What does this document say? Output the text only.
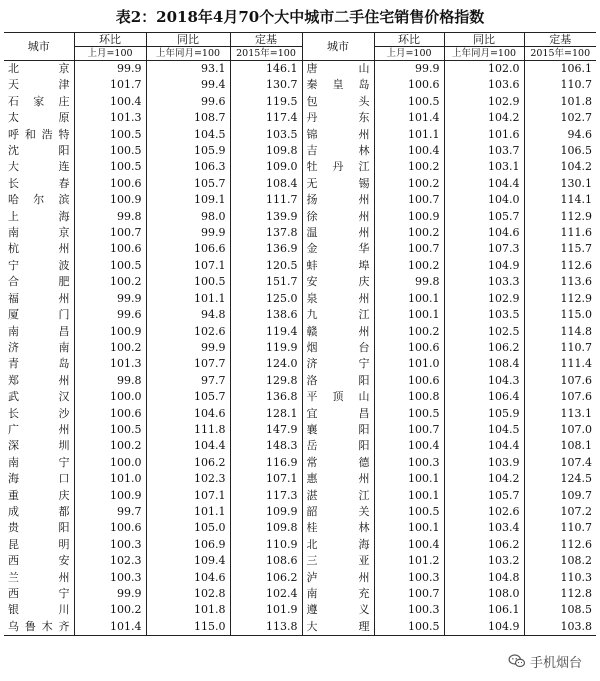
表2：2018年4月70个大中城市二手住宅销售价格指数
城市	环比	同比	定基	城市	环比	同比	定基
	上月=100	上年同月=100	2015年=100		上月=100	上年同月=100	2015年=100
北京	99.9	93.1	146.1	唐山	99.9	102.0	106.1
天津	101.7	99.4	130.7	秦皇岛	100.6	103.6	110.7
石家庄	100.4	99.6	119.5	包头	100.5	102.9	101.8
太原	101.3	108.7	117.4	丹东	101.4	104.2	102.7
呼和浩特	100.5	104.5	103.5	锦州	101.1	101.6	94.6
沈阳	100.5	105.9	109.8	吉林	100.4	103.7	106.5
大连	100.5	106.3	109.0	牡丹江	100.2	103.1	104.2
长春	100.6	105.7	108.4	无锡	100.2	104.4	130.1
哈尔滨	100.9	109.1	111.7	扬州	100.7	104.0	114.1
上海	99.8	98.0	139.9	徐州	100.9	105.7	112.9
南京	100.7	99.9	137.8	温州	100.2	104.6	111.6
杭州	100.6	106.6	136.9	金华	100.7	107.3	115.7
宁波	100.5	107.1	120.5	蚌埠	100.2	104.9	112.6
合肥	100.2	100.5	151.7	安庆	99.8	103.3	113.6
福州	99.9	101.1	125.0	泉州	100.1	102.9	112.9
厦门	99.6	94.8	138.6	九江	100.1	103.5	115.0
南昌	100.9	102.6	119.4	赣州	100.2	102.5	114.8
济南	100.2	99.9	119.9	烟台	100.6	106.2	110.7
青岛	101.3	107.7	124.0	济宁	101.0	108.4	111.4
郑州	99.8	97.7	129.8	洛阳	100.6	104.3	107.6
武汉	100.0	105.7	136.8	平顶山	100.8	106.4	107.6
长沙	100.6	104.6	128.1	宜昌	100.5	105.9	113.1
广州	100.5	111.8	147.9	襄阳	100.7	104.5	107.0
深圳	100.2	104.4	148.3	岳阳	100.4	104.4	108.1
南宁	100.0	106.2	116.9	常德	100.3	103.9	107.4
海口	101.0	102.3	107.1	惠州	100.1	104.2	124.5
重庆	100.9	107.1	117.3	湛江	100.1	105.7	109.7
成都	99.7	101.1	109.9	韶关	100.5	102.6	107.2
贵阳	100.6	105.0	109.8	桂林	100.1	103.4	110.7
昆明	100.3	106.9	110.9	北海	100.4	106.2	112.6
西安	102.3	109.4	108.6	三亚	101.2	103.2	108.2
兰州	100.3	104.6	106.2	泸州	100.3	104.8	110.3
西宁	99.9	102.8	102.4	南充	100.7	108.0	112.8
银川	100.2	101.8	101.9	遵义	100.3	106.1	108.5
乌鲁木齐	101.4	115.0	113.8	大理	100.5	104.9	103.8
手机烟台
